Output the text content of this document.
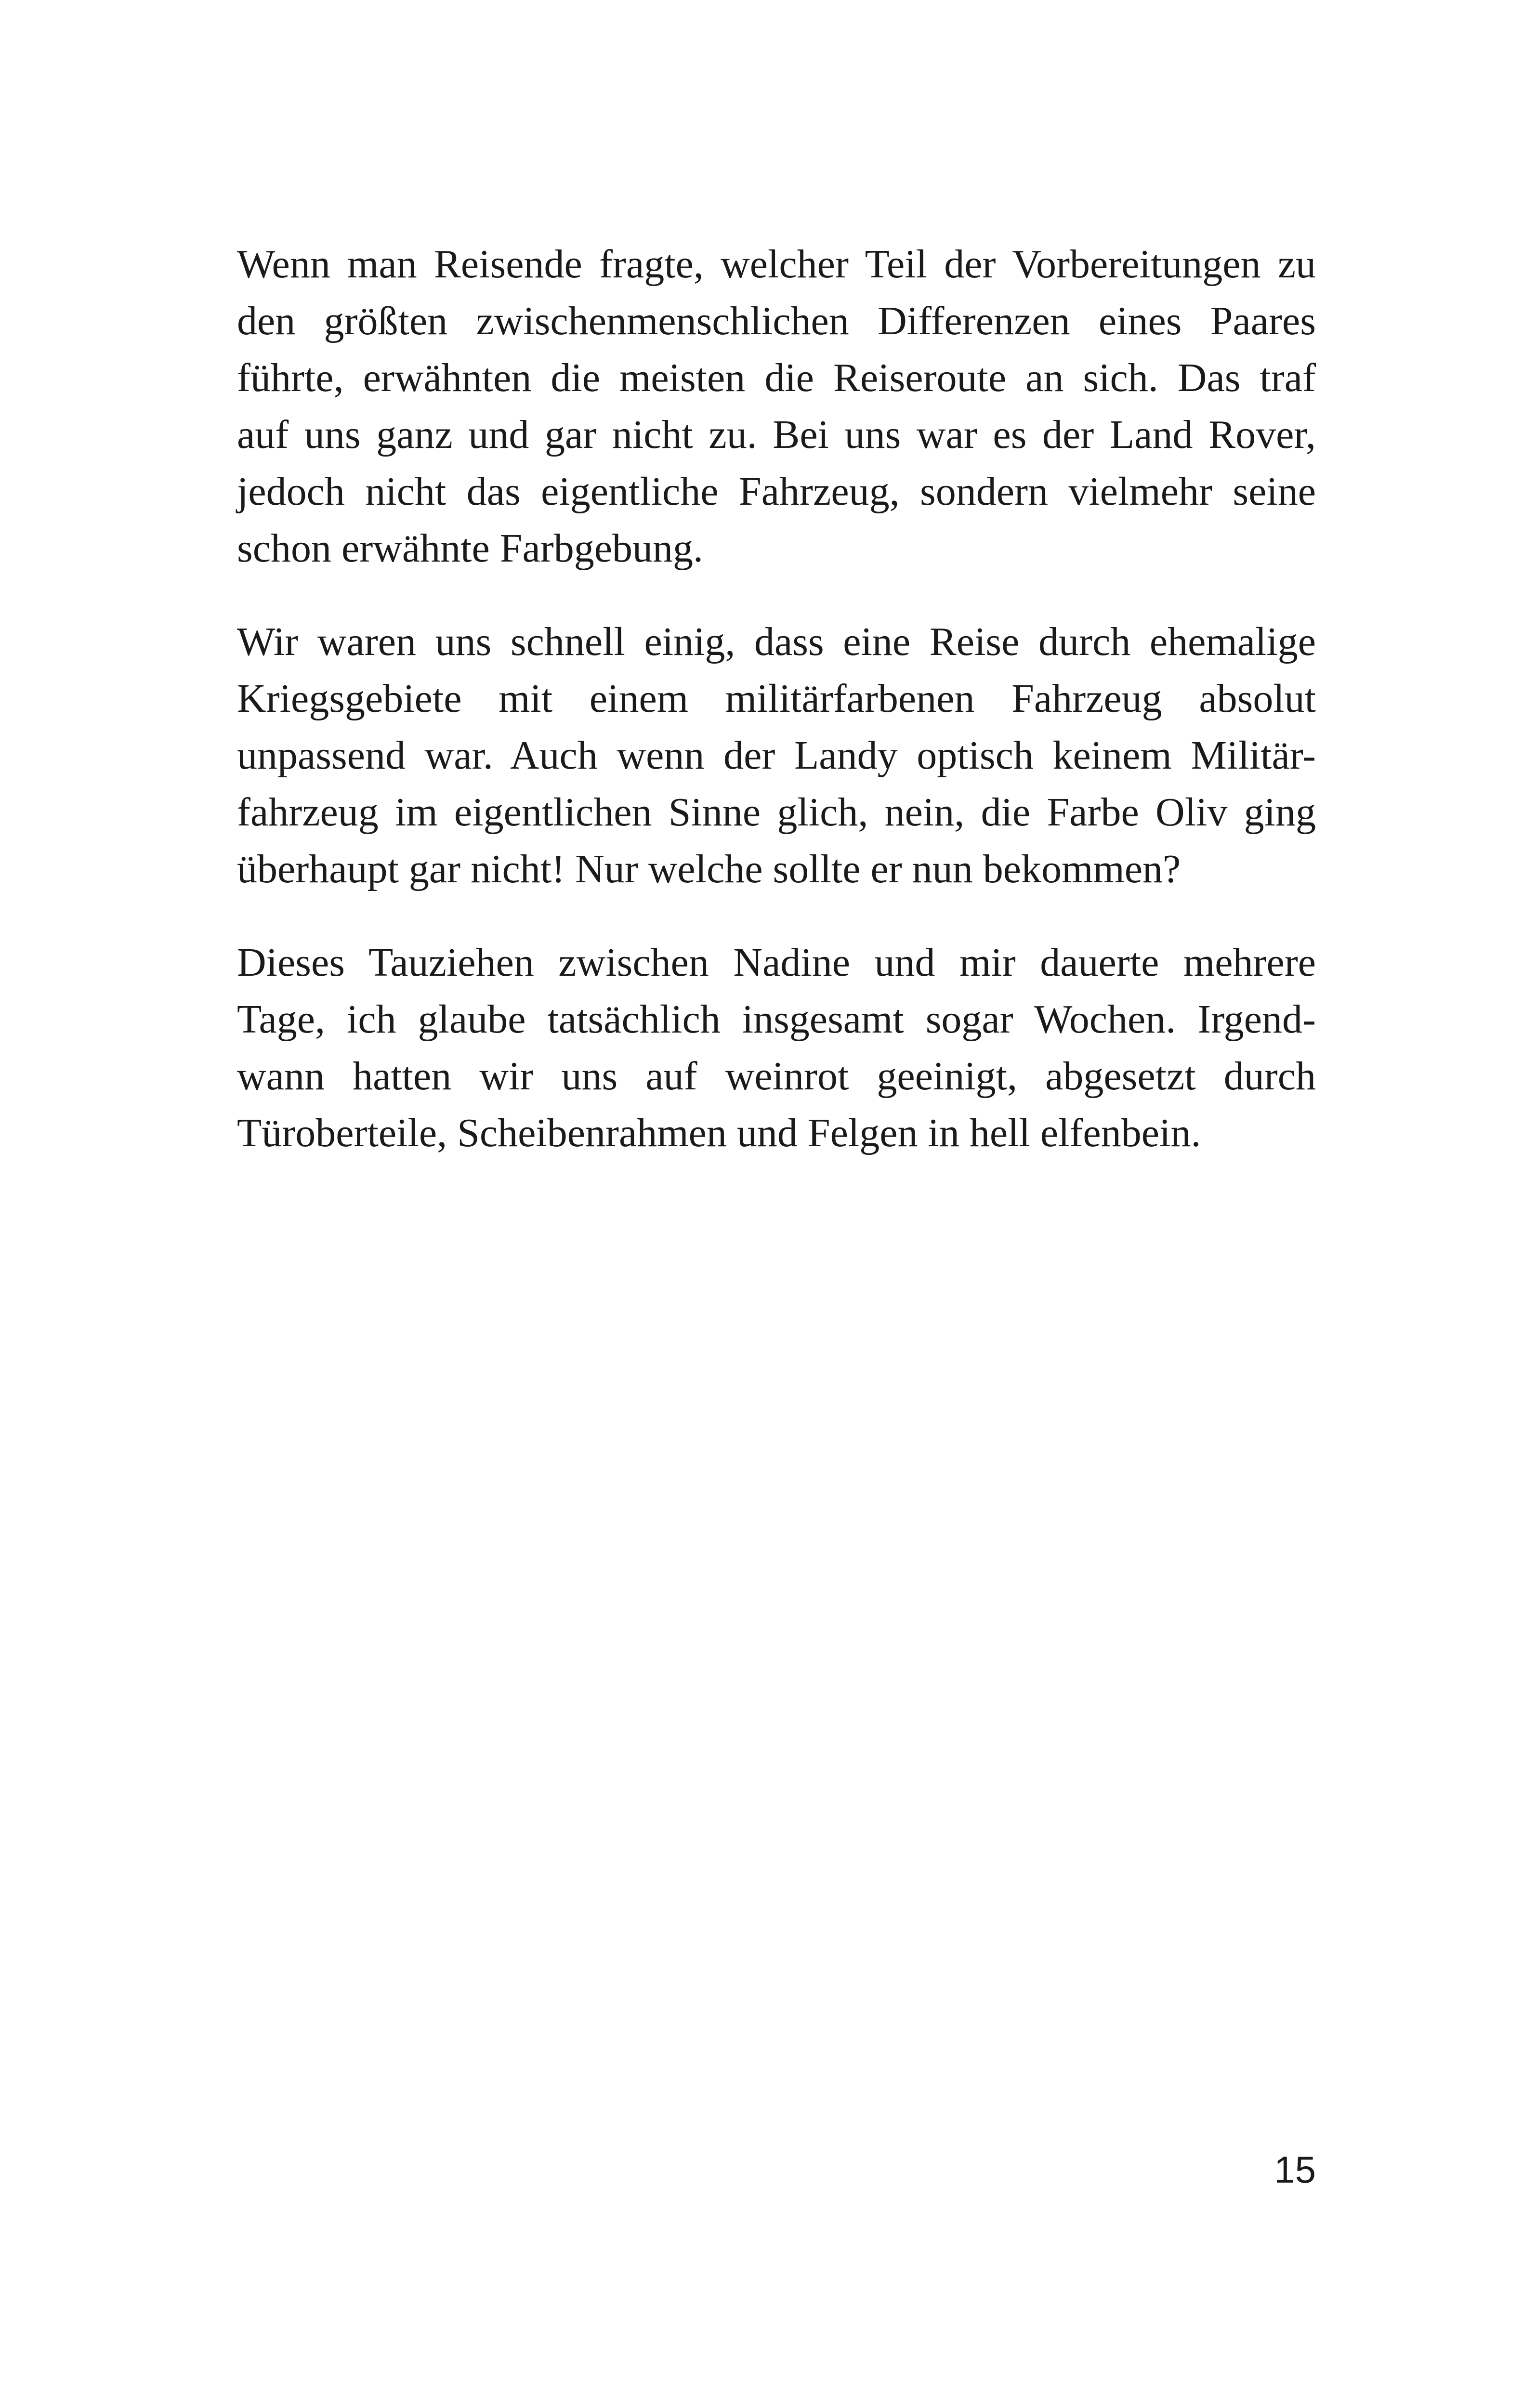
Wenn man Reisende fragte, welcher Teil der Vorbereitungen zu
den größten zwischenmenschlichen Differenzen eines Paares
führte, erwähnten die meisten die Reiseroute an sich. Das traf
auf uns ganz und gar nicht zu. Bei uns war es der Land Rover,
jedoch nicht das eigentliche Fahrzeug, sondern vielmehr seine
schon erwähnte Farbgebung.

Wir waren uns schnell einig, dass eine Reise durch ehemalige
Kriegsgebiete mit einem militärfarbenen Fahrzeug absolut
unpassend war. Auch wenn der Landy optisch keinem Militär-
fahrzeug im eigentlichen Sinne glich, nein, die Farbe Oliv ging
überhaupt gar nicht! Nur welche sollte er nun bekommen?

Dieses Tauziehen zwischen Nadine und mir dauerte mehrere
Tage, ich glaube tatsächlich insgesamt sogar Wochen. Irgend-
wann hatten wir uns auf weinrot geeinigt, abgesetzt durch
Türoberteile, Scheibenrahmen und Felgen in hell elfenbein.

15
